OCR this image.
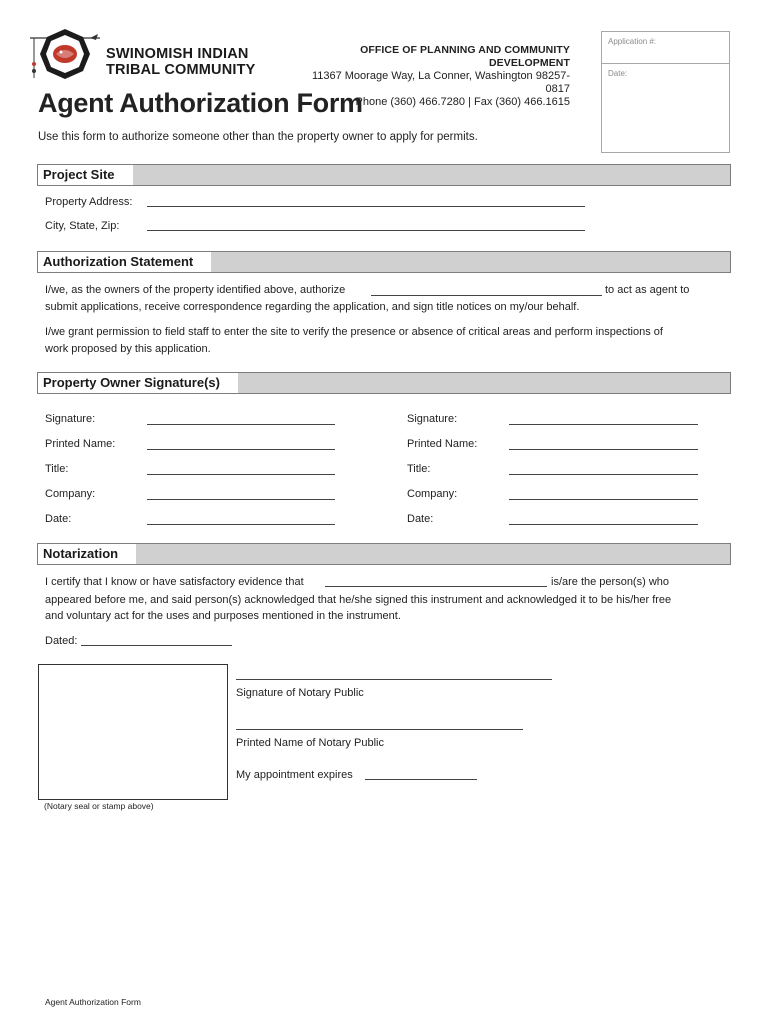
SWINOMISH INDIAN
TRIBAL COMMUNITY
OFFICE OF PLANNING AND COMMUNITY DEVELOPMENT
11367 Moorage Way, La Conner, Washington 98257-0817
Phone (360) 466.7280 | Fax (360) 466.1615
Application #:
Date:
Agent Authorization Form
Use this form to authorize someone other than the property owner to apply for permits.
Project Site
Property Address:
City, State, Zip:
Authorization Statement
I/we, as the owners of the property identified above, authorize	to act as agent to
submit applications, receive correspondence regarding the application, and sign title notices on my/our behalf.
I/we grant permission to field staff to enter the site to verify the presence or absence of critical areas and perform inspections of
work proposed by this application.
Property Owner Signature(s)
Signature:
Printed Name:
Title:
Company:
Date:
Signature:
Printed Name:
Title:
Company:
Date:
Notarization
I certify that I know or have satisfactory evidence that	is/are the person(s) who
appeared before me, and said person(s) acknowledged that he/she signed this instrument and acknowledged it to be his/her free
and voluntary act for the uses and purposes mentioned in the instrument.
Dated:
(Notary seal or stamp above)
Signature of Notary Public
Printed Name of Notary Public
My appointment expires
Agent Authorization Form
